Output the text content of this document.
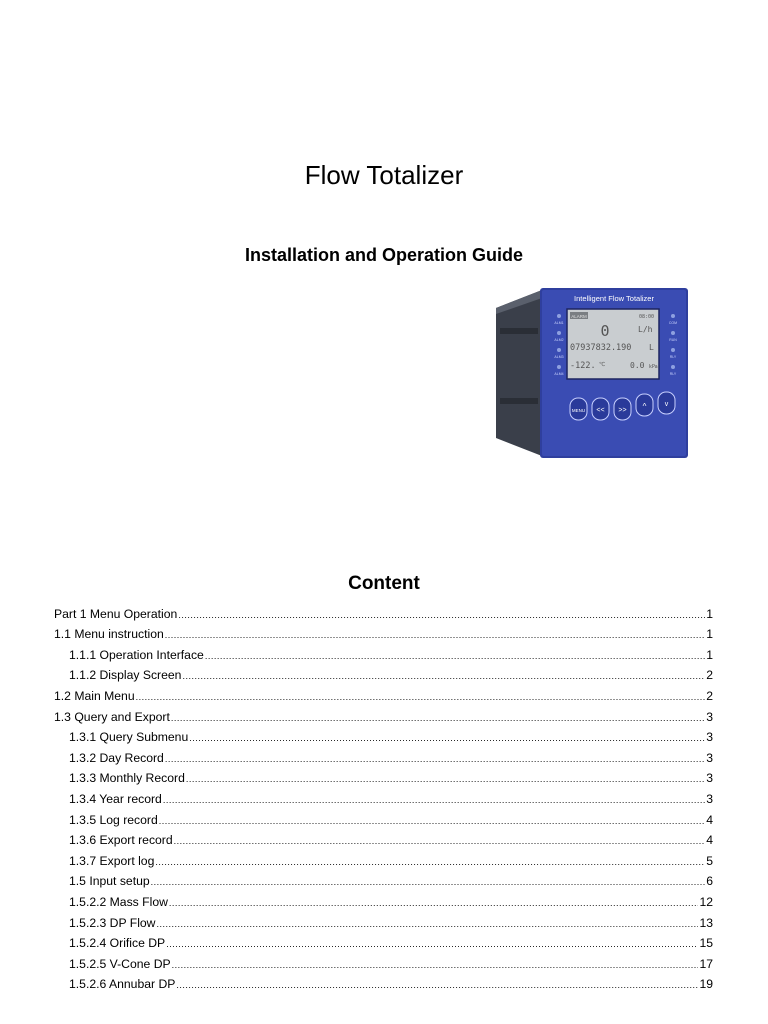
Flow Totalizer
Installation and Operation Guide
Intelligent Flow Totalizer
ALARM	08:00
0	L/h
07937832.190 L
-122. ℃	0.0 kPa
ALM1
ALM2
ALM3
ALM4
COM
RUN
RLY
RLY
MENU << >> ^	v
Content
Part 1 Menu Operation .....	1
1.1 Menu instruction .....	1
1.1.1 Operation Interface .....	1
1.1.2 Display Screen .....	2
1.2 Main Menu .....	2
1.3 Query and Export .....	3
1.3.1 Query Submenu .....	3
1.3.2 Day Record .....	3
1.3.3 Monthly Record .....	3
1.3.4 Year record .....	3
1.3.5 Log record .....	4
1.3.6 Export record .....	4
1.3.7 Export log .....	5
1.5 Input setup .....	6
1.5.2.2 Mass Flow .....	12
1.5.2.3 DP Flow .....	13
1.5.2.4 Orifice DP .....	15
1.5.2.5 V-Cone DP .....	17
1.5.2.6 Annubar DP .....	19
